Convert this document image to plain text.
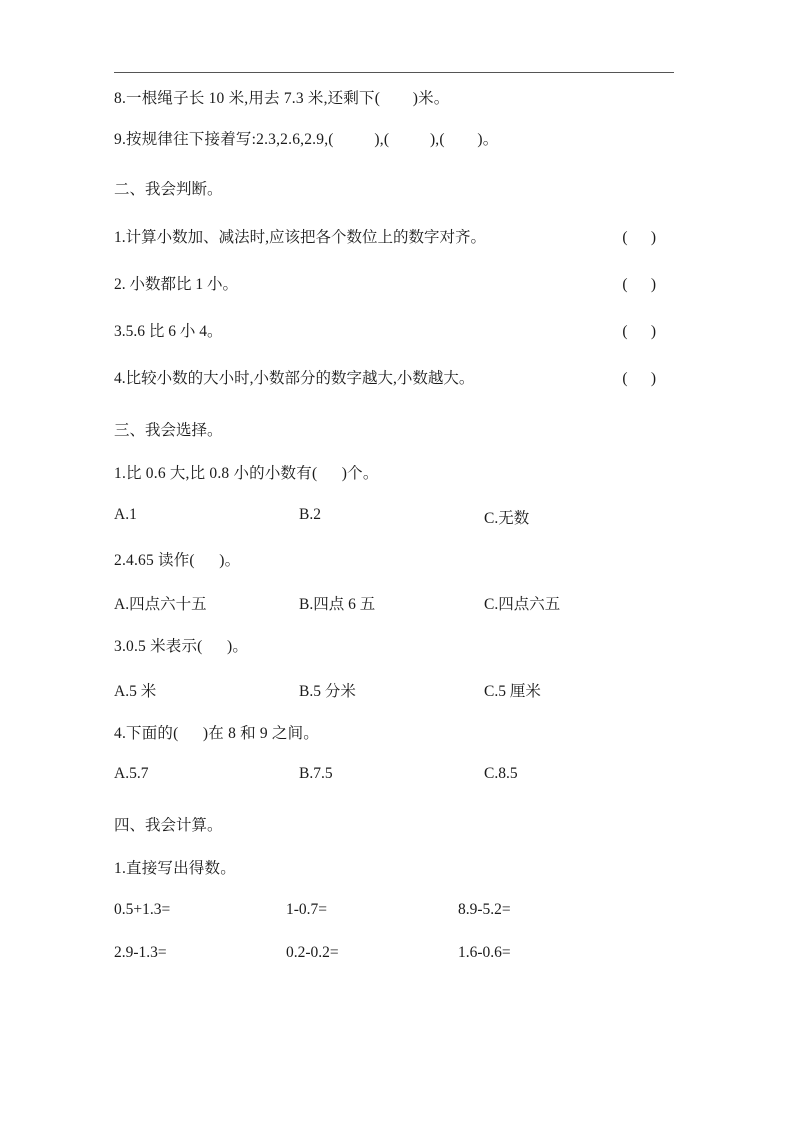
8.一根绳子长 10 米,用去 7.3 米,还剩下(        )米。
9.按规律往下接着写:2.3,2.6,2.9,(          ),(          ),(        )。
二、我会判断。
1.计算小数加、减法时,应该把各个数位上的数字对齐。	(      )
2. 小数都比 1 小。	(      )
3.5.6 比 6 小 4。	(      )
4.比较小数的大小时,小数部分的数字越大,小数越大。	(      )
三、我会选择。
1.比 0.6 大,比 0.8 小的小数有(      )个。
A.1	B.2	C.无数
2.4.65 读作(      )。
A.四点六十五	B.四点 6 五	C.四点六五
3.0.5 米表示(      )。
A.5 米	B.5 分米	C.5 厘米
4.下面的(      )在 8 和 9 之间。
A.5.7	B.7.5	C.8.5
四、我会计算。
1.直接写出得数。
0.5+1.3=	1-0.7=	8.9-5.2=
2.9-1.3=	0.2-0.2=	1.6-0.6=
